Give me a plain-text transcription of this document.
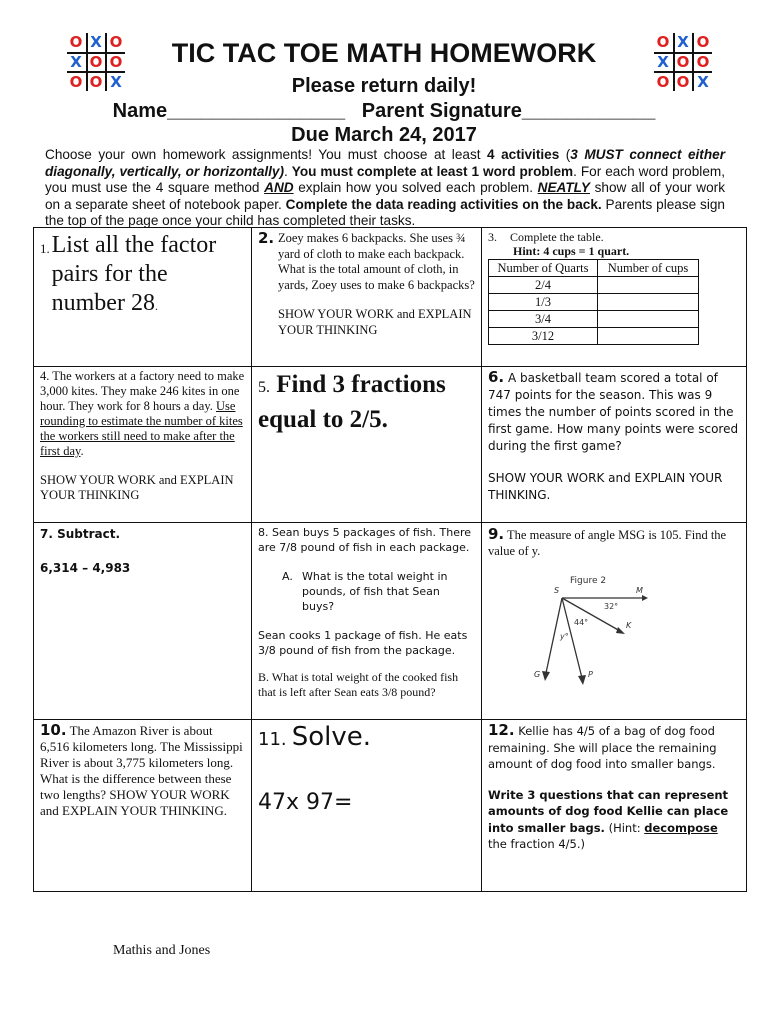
O X O
X O O
O O X
O X O
X O O
O O X
TIC TAC TOE MATH HOMEWORK
Please return daily!
Name________________ Parent Signature____________
Due March 24, 2017
Choose your own homework assignments! You must choose at least 4 activities (3 MUST connect either diagonally, vertically, or horizontally). You must complete at least 1 word problem. For each word problem, you must use the 4 square method AND explain how you solved each problem. NEATLY show all of your work on a separate sheet of notebook paper. Complete the data reading activities on the back. Parents please sign the top of the page once your child has completed their tasks.
1. List all the factor pairs for the number 28.
2. Zoey makes 6 backpacks. She uses ¾ yard of cloth to make each backpack. What is the total amount of cloth, in yards, Zoey uses to make 6 backpacks?
SHOW YOUR WORK and EXPLAIN YOUR THINKING
3. Complete the table.
Hint: 4 cups = 1 quart.
Number of Quarts	Number of cups
2/4	
1/3	
3/4	
3/12	
4. The workers at a factory need to make 3,000 kites. They make 246 kites in one hour. They work for 8 hours a day. Use rounding to estimate the number of kites the workers still need to make after the first day.
SHOW YOUR WORK and EXPLAIN YOUR THINKING
5. Find 3 fractions equal to 2/5.
6. A basketball team scored a total of 747 points for the season. This was 9 times the number of points scored in the first game. How many points were scored during the first game?
SHOW YOUR WORK and EXPLAIN YOUR THINKING.
7. Subtract.
6,314 – 4,983
8. Sean buys 5 packages of fish. There are 7/8 pound of fish in each package.
A. What is the total weight in pounds, of fish that Sean buys?
Sean cooks 1 package of fish. He eats 3/8 pound of fish from the package.
B. What is total weight of the cooked fish that is left after Sean eats 3/8 pound?
9. The measure of angle MSG is 105. Find the value of y.
Figure 2
S	M
K
P
G
32°
44°
y°
10. The Amazon River is about 6,516 kilometers long. The Mississippi River is about 3,775 kilometers long. What is the difference between these two lengths? SHOW YOUR WORK and EXPLAIN YOUR THINKING.
11. Solve.
47x 97=
12. Kellie has 4/5 of a bag of dog food remaining. She will place the remaining amount of dog food into smaller bangs.
Write 3 questions that can represent amounts of dog food Kellie can place into smaller bags. (Hint: decompose the fraction 4/5.)
Mathis and Jones
